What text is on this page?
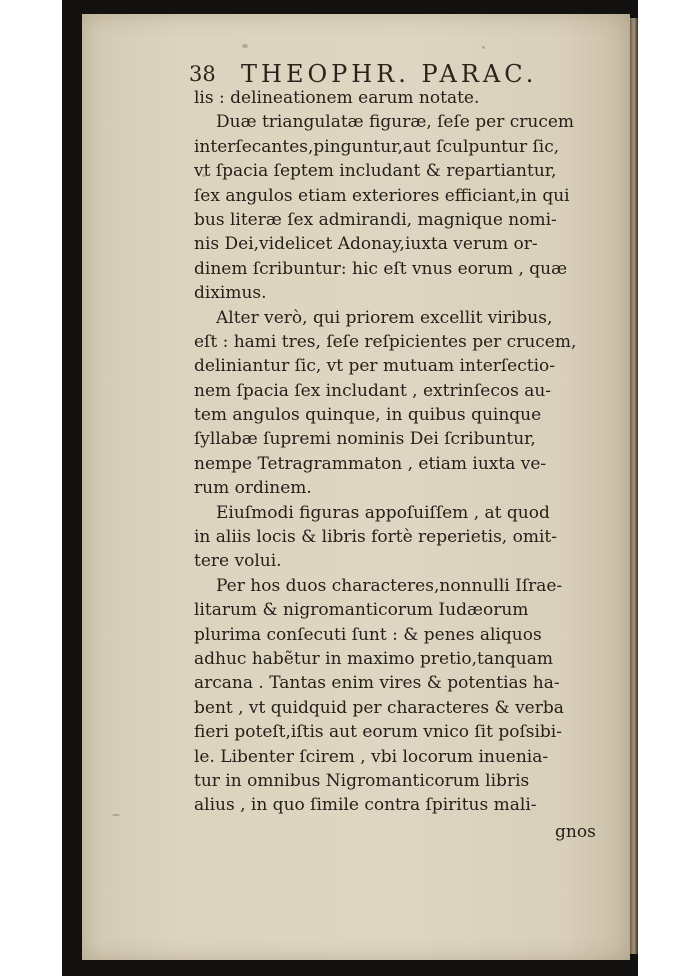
38 THEOPHR. PARAC.
lis : delineationem earum notate.
Duæ triangulatæ figuræ, ſeſe per crucem
interſecantes,pinguntur,aut ſculpuntur ſic,
vt ſpacia ſeptem includant & repartiantur,
ſex angulos etiam exteriores efficiant,in qui
bus literæ ſex admirandi, magnique nomi-
nis Dei,videlicet Adonay,iuxta verum or-
dinem ſcribuntur: hic eſt vnus eorum , quæ
diximus.
Alter verò, qui priorem excellit viribus,
eſt : hami tres, ſeſe reſpicientes per crucem,
deliniantur ſic, vt per mutuam interſectio-
nem ſpacia ſex includant , extrinſecos au-
tem angulos quinque, in quibus quinque
ſyllabæ ſupremi nominis Dei ſcribuntur,
nempe Tetragrammaton , etiam iuxta ve-
rum ordinem.
Eiuſmodi figuras appoſuiſſem , at quod
in aliis locis & libris fortè reperietis, omit-
tere volui.
Per hos duos characteres,nonnulli Iſrae-
litarum & nigromanticorum Iudæorum
plurima conſecuti ſunt : & penes aliquos
adhuc habẽtur in maximo pretio,tanquam
arcana . Tantas enim vires & potentias ha-
bent , vt quidquid per characteres & verba
fieri poteſt,iſtis aut eorum vnico ſit poſsibi-
le. Libenter ſcirem , vbi locorum inuenia-
tur in omnibus Nigromanticorum libris
alius , in quo ſimile contra ſpiritus mali-
gnos
